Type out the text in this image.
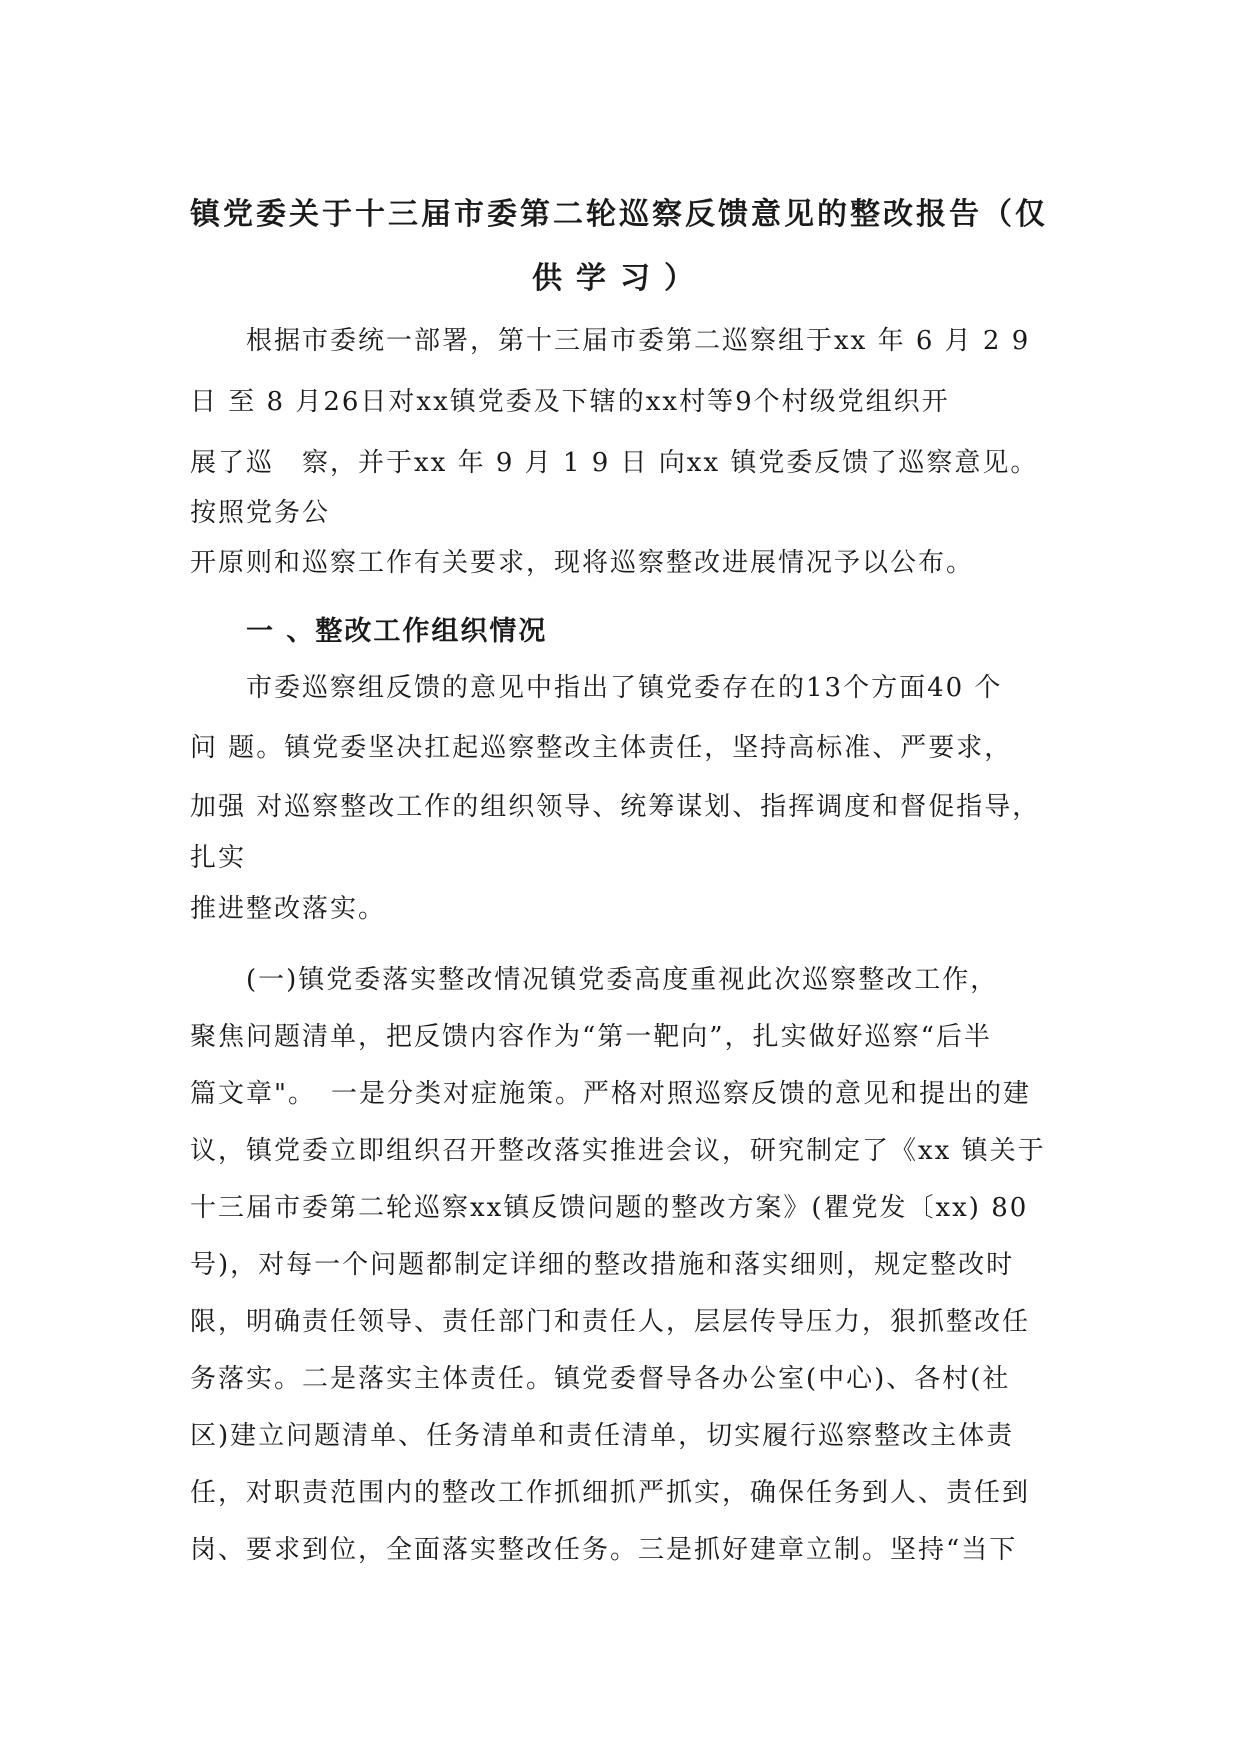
镇党委关于十三届市委第二轮巡察反馈意见的整改报告（仅
供学习）
　　根据市委统一部署，第十三届市委第二巡察组于xx 年 6 月 2 9
日 至 8 月26日对xx镇党委及下辖的xx村等9个村级党组织开
展了巡　察，并于xx 年 9 月 1 9 日 向xx 镇党委反馈了巡察意见。
按照党务公
开原则和巡察工作有关要求，现将巡察整改进展情况予以公布。
一 、整改工作组织情况
　　市委巡察组反馈的意见中指出了镇党委存在的13个方面40 个
问 题。镇党委坚决扛起巡察整改主体责任，坚持高标准、严要求，
加强 对巡察整改工作的组织领导、统筹谋划、指挥调度和督促指导，
扎实
推进整改落实。
　　(一)镇党委落实整改情况镇党委高度重视此次巡察整改工作，
聚焦问题清单，把反馈内容作为“第一靶向”，扎实做好巡察“后半
篇文章"。　一是分类对症施策。严格对照巡察反馈的意见和提出的建
议，镇党委立即组织召开整改落实推进会议，研究制定了《xx 镇关于
十三届市委第二轮巡察xx镇反馈问题的整改方案》(瞿党发〔xx) 80
号)，对每一个问题都制定详细的整改措施和落实细则，规定整改时
限，明确责任领导、责任部门和责任人，层层传导压力，狠抓整改任
务落实。二是落实主体责任。镇党委督导各办公室(中心)、各村(社
区)建立问题清单、任务清单和责任清单，切实履行巡察整改主体责
任，对职责范围内的整改工作抓细抓严抓实，确保任务到人、责任到
岗、要求到位，全面落实整改任务。三是抓好建章立制。坚持“当下
